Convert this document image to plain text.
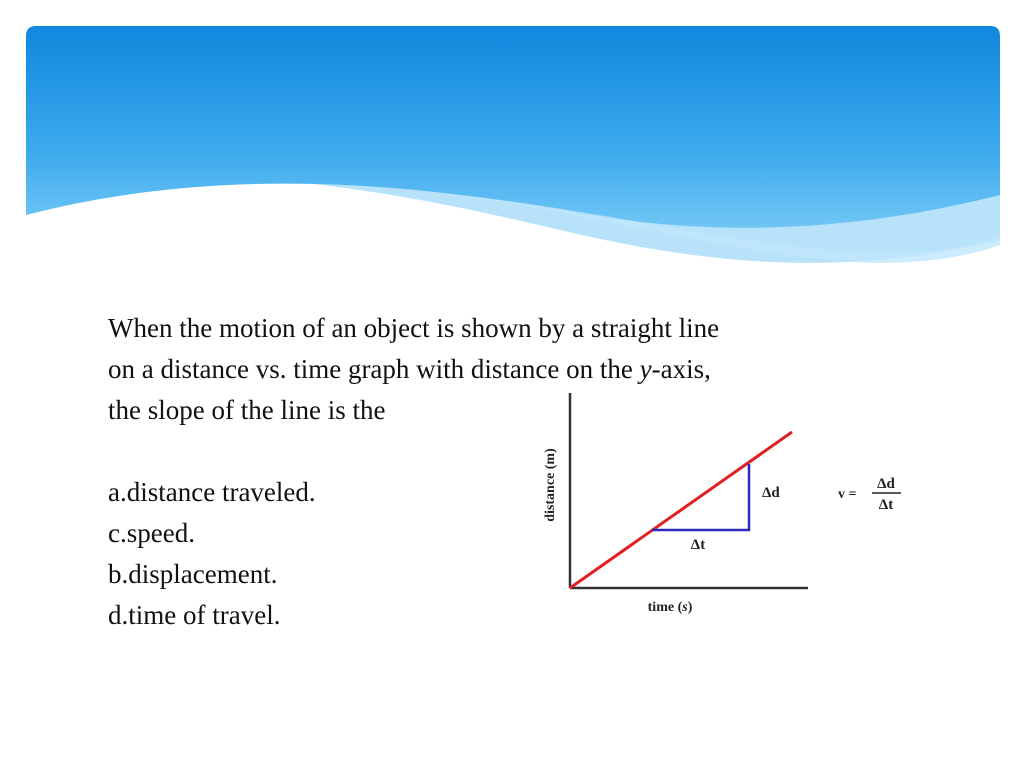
When the motion of an object is shown by a straight line
on a distance vs. time graph with distance on the y-axis,
the slope of the line is the
a.distance traveled.
c.speed.
b.displacement.
d.time of travel.
distance (m)
time (s)
Δd
Δt
v =
Δd
Δt
